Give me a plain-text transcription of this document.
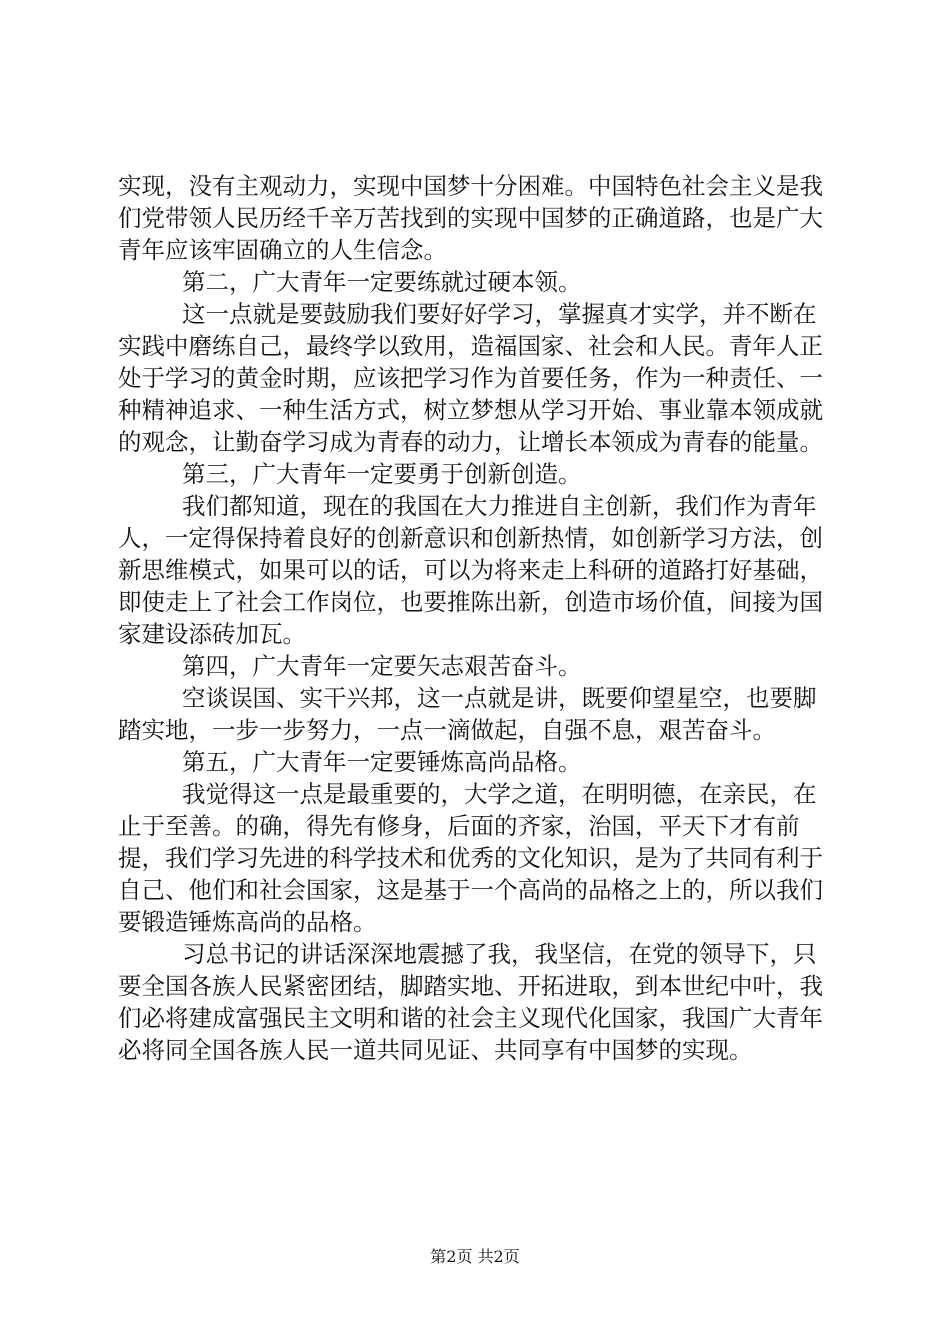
实现，没有主观动力，实现中国梦十分困难。中国特色社会主义是我们党带领人民历经千辛万苦找到的实现中国梦的正确道路，也是广大青年应该牢固确立的人生信念。

第二，广大青年一定要练就过硬本领。

这一点就是要鼓励我们要好好学习，掌握真才实学，并不断在实践中磨练自己，最终学以致用，造福国家、社会和人民。青年人正处于学习的黄金时期，应该把学习作为首要任务，作为一种责任、一种精神追求、一种生活方式，树立梦想从学习开始、事业靠本领成就的观念，让勤奋学习成为青春的动力，让增长本领成为青春的能量。

第三，广大青年一定要勇于创新创造。

我们都知道，现在的我国在大力推进自主创新，我们作为青年人，一定得保持着良好的创新意识和创新热情，如创新学习方法，创新思维模式，如果可以的话，可以为将来走上科研的道路打好基础，即使走上了社会工作岗位，也要推陈出新，创造市场价值，间接为国家建设添砖加瓦。

第四，广大青年一定要矢志艰苦奋斗。

空谈误国、实干兴邦，这一点就是讲，既要仰望星空，也要脚踏实地，一步一步努力，一点一滴做起，自强不息，艰苦奋斗。

第五，广大青年一定要锤炼高尚品格。

我觉得这一点是最重要的，大学之道，在明明德，在亲民，在止于至善。的确，得先有修身，后面的齐家，治国，平天下才有前提，我们学习先进的科学技术和优秀的文化知识，是为了共同有利于自己、他们和社会国家，这是基于一个高尚的品格之上的，所以我们要锻造锤炼高尚的品格。

习总书记的讲话深深地震撼了我，我坚信，在党的领导下，只要全国各族人民紧密团结，脚踏实地、开拓进取，到本世纪中叶，我们必将建成富强民主文明和谐的社会主义现代化国家，我国广大青年必将同全国各族人民一道共同见证、共同享有中国梦的实现。

第2页 共2页
